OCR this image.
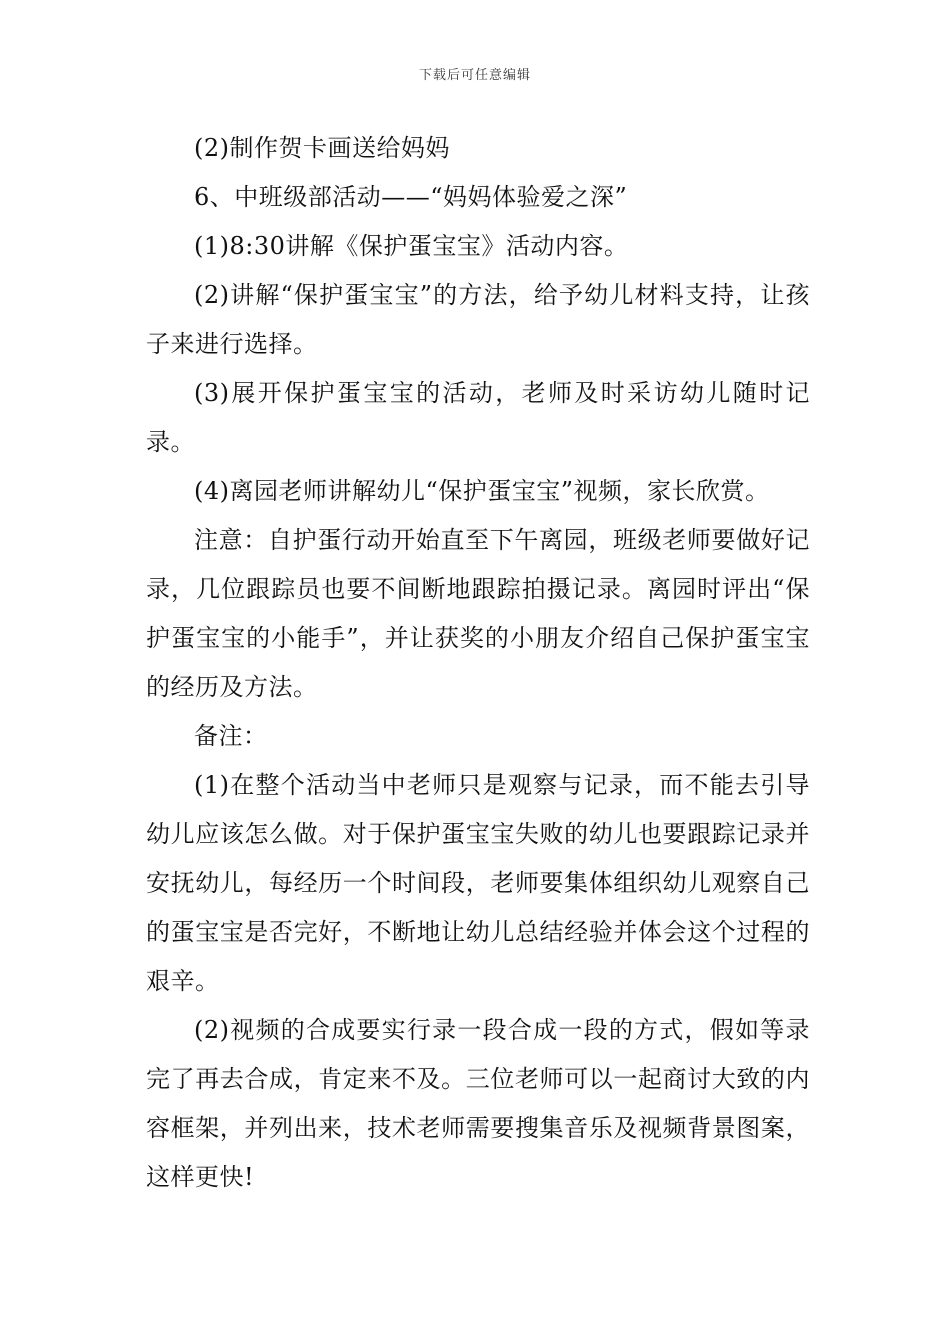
下载后可任意编辑

(2)制作贺卡画送给妈妈

6、中班级部活动——“妈妈体验爱之深”

(1)8:30讲解《保护蛋宝宝》活动内容。

(2)讲解“保护蛋宝宝”的方法，给予幼儿材料支持，让孩子来进行选择。

(3)展开保护蛋宝宝的活动，老师及时采访幼儿随时记录。

(4)离园老师讲解幼儿“保护蛋宝宝”视频，家长欣赏。

注意：自护蛋行动开始直至下午离园，班级老师要做好记录，几位跟踪员也要不间断地跟踪拍摄记录。离园时评出“保护蛋宝宝的小能手”，并让获奖的小朋友介绍自己保护蛋宝宝的经历及方法。

备注：

(1)在整个活动当中老师只是观察与记录，而不能去引导幼儿应该怎么做。对于保护蛋宝宝失败的幼儿也要跟踪记录并安抚幼儿，每经历一个时间段，老师要集体组织幼儿观察自己的蛋宝宝是否完好，不断地让幼儿总结经验并体会这个过程的艰辛。

(2)视频的合成要实行录一段合成一段的方式，假如等录完了再去合成，肯定来不及。三位老师可以一起商讨大致的内容框架，并列出来，技术老师需要搜集音乐及视频背景图案，这样更快!
